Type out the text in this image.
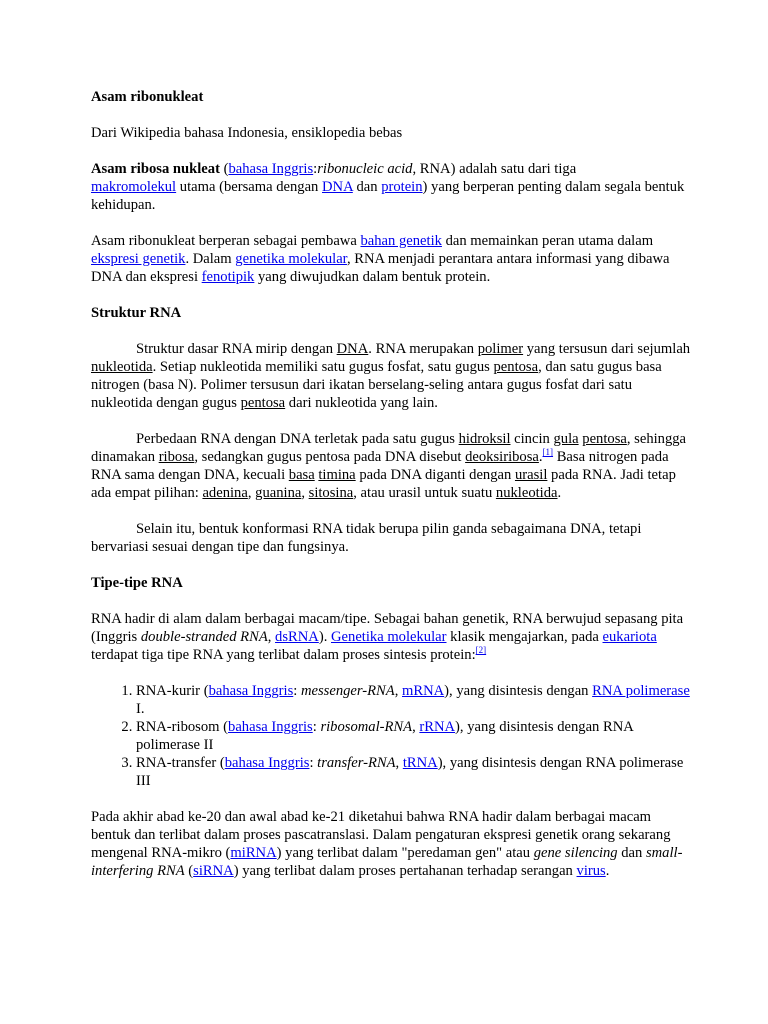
Asam ribonukleat

Dari Wikipedia bahasa Indonesia, ensiklopedia bebas

Asam ribosa nukleat (bahasa Inggris:ribonucleic acid, RNA) adalah satu dari tiga
makromolekul utama (bersama dengan DNA dan protein) yang berperan penting dalam segala bentuk kehidupan.

Asam ribonukleat berperan sebagai pembawa bahan genetik dan memainkan peran utama dalam ekspresi genetik. Dalam genetika molekular, RNA menjadi perantara antara informasi yang dibawa DNA dan ekspresi fenotipik yang diwujudkan dalam bentuk protein.

Struktur RNA

Struktur dasar RNA mirip dengan DNA. RNA merupakan polimer yang tersusun dari sejumlah nukleotida. Setiap nukleotida memiliki satu gugus fosfat, satu gugus pentosa, dan satu gugus basa nitrogen (basa N). Polimer tersusun dari ikatan berselang-seling antara gugus fosfat dari satu nukleotida dengan gugus pentosa dari nukleotida yang lain.

Perbedaan RNA dengan DNA terletak pada satu gugus hidroksil cincin gula pentosa, sehingga dinamakan ribosa, sedangkan gugus pentosa pada DNA disebut deoksiribosa.[1] Basa nitrogen pada RNA sama dengan DNA, kecuali basa timina pada DNA diganti dengan urasil pada RNA. Jadi tetap ada empat pilihan: adenina, guanina, sitosina, atau urasil untuk suatu nukleotida.

Selain itu, bentuk konformasi RNA tidak berupa pilin ganda sebagaimana DNA, tetapi bervariasi sesuai dengan tipe dan fungsinya.

Tipe-tipe RNA

RNA hadir di alam dalam berbagai macam/tipe. Sebagai bahan genetik, RNA berwujud sepasang pita (Inggris double-stranded RNA, dsRNA). Genetika molekular klasik mengajarkan, pada eukariota terdapat tiga tipe RNA yang terlibat dalam proses sintesis protein:[2]

1. RNA-kurir (bahasa Inggris: messenger-RNA, mRNA), yang disintesis dengan RNA polimerase I.
2. RNA-ribosom (bahasa Inggris: ribosomal-RNA, rRNA), yang disintesis dengan RNA polimerase II
3. RNA-transfer (bahasa Inggris: transfer-RNA, tRNA), yang disintesis dengan RNA polimerase III

Pada akhir abad ke-20 dan awal abad ke-21 diketahui bahwa RNA hadir dalam berbagai macam bentuk dan terlibat dalam proses pascatranslasi. Dalam pengaturan ekspresi genetik orang sekarang mengenal RNA-mikro (miRNA) yang terlibat dalam "peredaman gen" atau gene silencing dan small-interfering RNA (siRNA) yang terlibat dalam proses pertahanan terhadap serangan virus.
